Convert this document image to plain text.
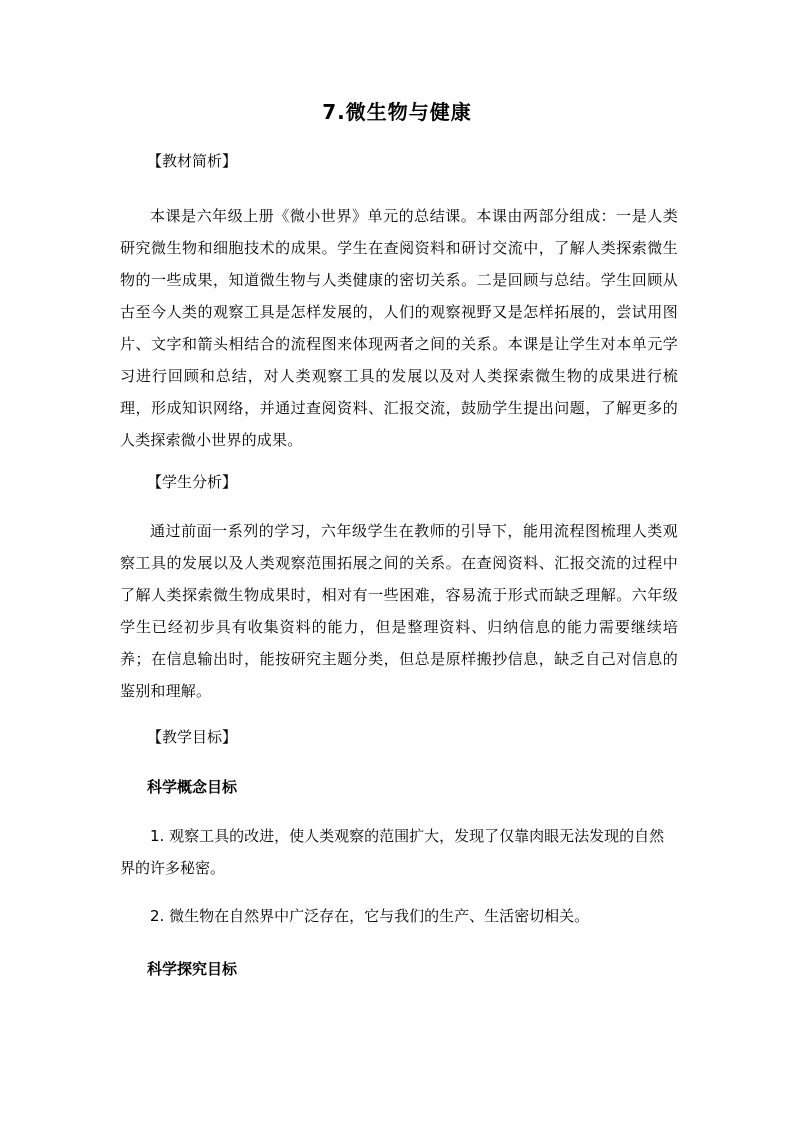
7.微生物与健康
【教材简析】
本课是六年级上册《微小世界》单元的总结课。本课由两部分组成：一是人类研究微生物和细胞技术的成果。学生在查阅资料和研讨交流中，了解人类探索微生物的一些成果，知道微生物与人类健康的密切关系。二是回顾与总结。学生回顾从古至今人类的观察工具是怎样发展的，人们的观察视野又是怎样拓展的，尝试用图片、文字和箭头相结合的流程图来体现两者之间的关系。本课是让学生对本单元学习进行回顾和总结，对人类观察工具的发展以及对人类探索微生物的成果进行梳理，形成知识网络，并通过查阅资料、汇报交流，鼓励学生提出问题，了解更多的人类探索微小世界的成果。
【学生分析】
通过前面一系列的学习，六年级学生在教师的引导下，能用流程图梳理人类观察工具的发展以及人类观察范围拓展之间的关系。在查阅资料、汇报交流的过程中了解人类探索微生物成果时，相对有一些困难，容易流于形式而缺乏理解。六年级学生已经初步具有收集资料的能力，但是整理资料、归纳信息的能力需要继续培养；在信息输出时，能按研究主题分类，但总是原样搬抄信息，缺乏自己对信息的鉴别和理解。
【教学目标】
科学概念目标
1. 观察工具的改进，使人类观察的范围扩大，发现了仅靠肉眼无法发现的自然界的许多秘密。
2. 微生物在自然界中广泛存在，它与我们的生产、生活密切相关。
科学探究目标
